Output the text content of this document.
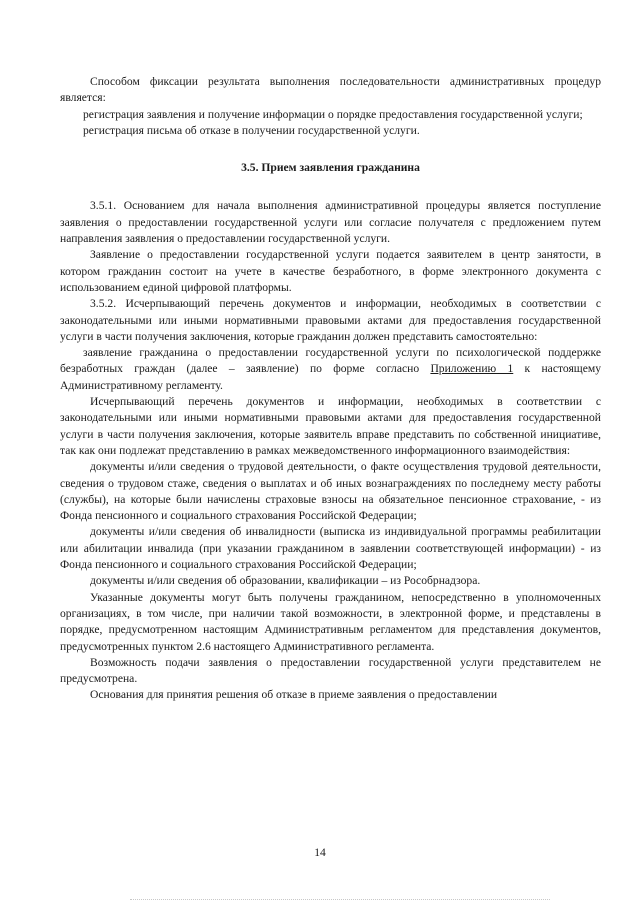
Способом фиксации результата выполнения последовательности административных процедур является:

регистрация заявления и получение информации о порядке предоставления государственной услуги;

регистрация письма об отказе в получении государственной услуги.

3.5. Прием заявления гражданина

3.5.1. Основанием для начала выполнения административной процедуры является поступление заявления о предоставлении государственной услуги или согласие получателя с предложением путем направления заявления о предоставлении государственной услуги.

Заявление о предоставлении государственной услуги подается заявителем в центр занятости, в котором гражданин состоит на учете в качестве безработного, в форме электронного документа с использованием единой цифровой платформы.

3.5.2. Исчерпывающий перечень документов и информации, необходимых в соответствии с законодательными или иными нормативными правовыми актами для предоставления государственной услуги в части получения заключения, которые гражданин должен представить самостоятельно:

заявление гражданина о предоставлении государственной услуги по психологической поддержке безработных граждан (далее – заявление) по форме согласно Приложению 1 к настоящему Административному регламенту.

Исчерпывающий перечень документов и информации, необходимых в соответствии с законодательными или иными нормативными правовыми актами для предоставления государственной услуги в части получения заключения, которые заявитель вправе представить по собственной инициативе, так как они подлежат представлению в рамках межведомственного информационного взаимодействия:

документы и/или сведения о трудовой деятельности, о факте осуществления трудовой деятельности, сведения о трудовом стаже, сведения о выплатах и об иных вознаграждениях по последнему месту работы (службы), на которые были начислены страховые взносы на обязательное пенсионное страхование, - из Фонда пенсионного и социального страхования Российской Федерации;

документы и/или сведения об инвалидности (выписка из индивидуальной программы реабилитации или абилитации инвалида (при указании гражданином в заявлении соответствующей информации) - из Фонда пенсионного и социального страхования Российской Федерации;

документы и/или сведения об образовании, квалификации – из Рособрнадзора.

Указанные документы могут быть получены гражданином, непосредственно в уполномоченных организациях, в том числе, при наличии такой возможности, в электронной форме, и представлены в порядке, предусмотренном настоящим Административным регламентом для представления документов, предусмотренных пунктом 2.6 настоящего Административного регламента.

Возможность подачи заявления о предоставлении государственной услуги представителем не предусмотрена.

Основания для принятия решения об отказе в приеме заявления о предоставлении

14
